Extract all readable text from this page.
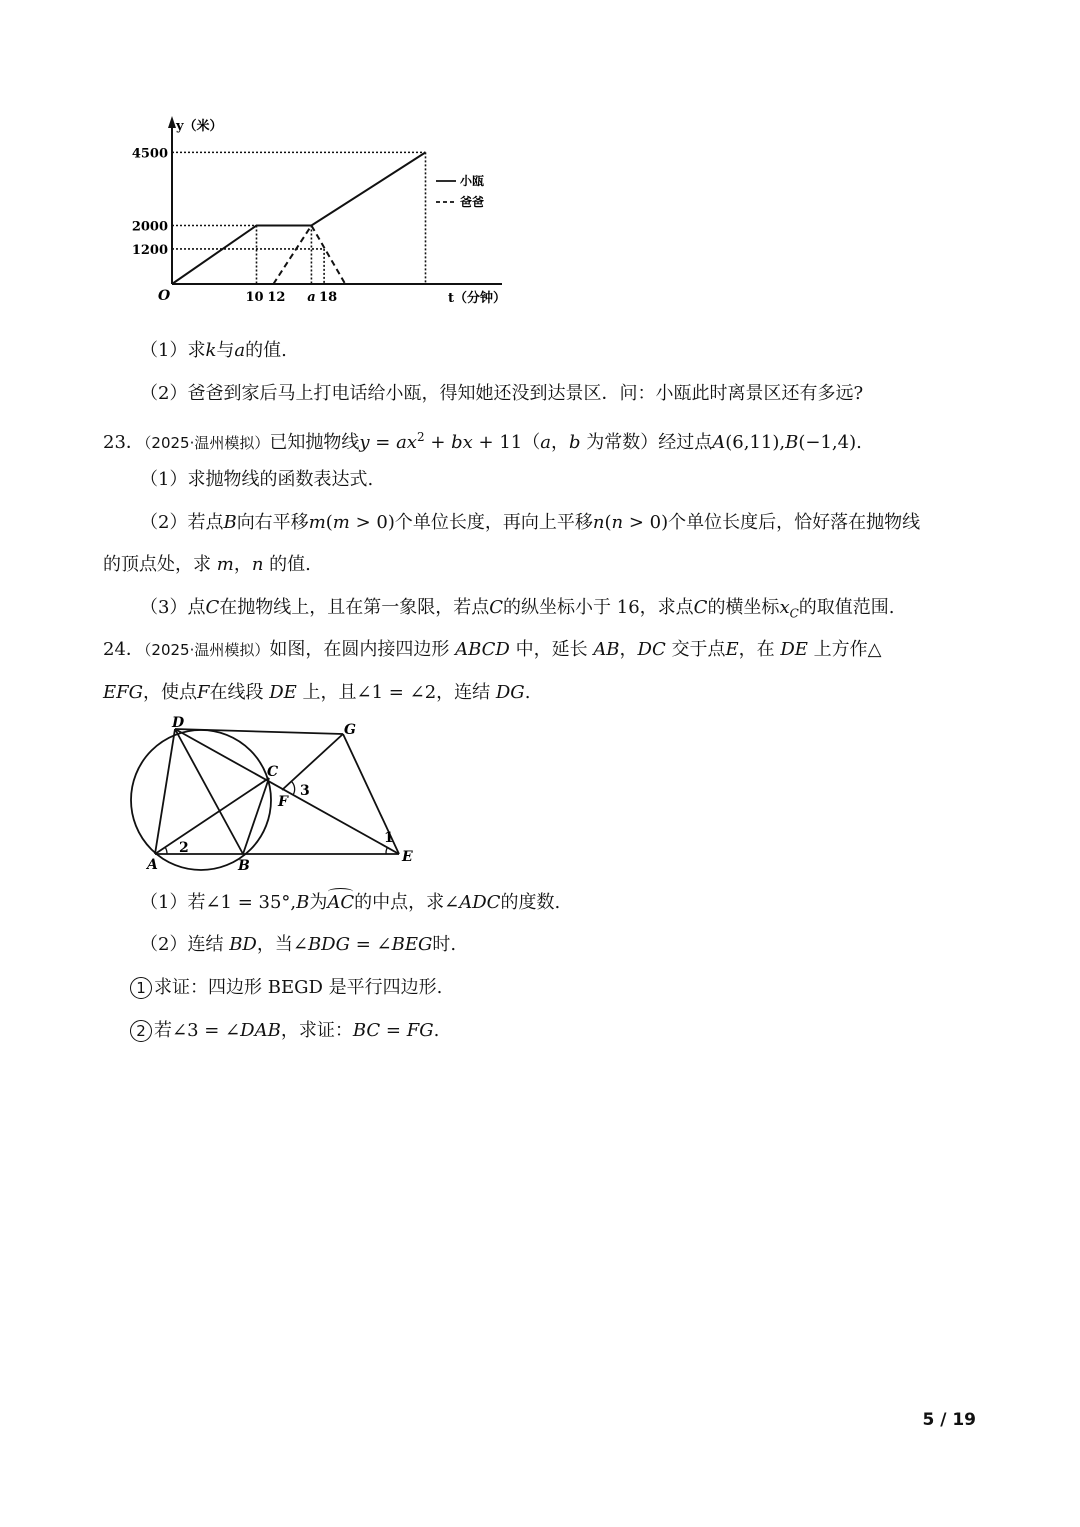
y（米）
t（分钟）
O
4500
2000
1200
10 12 a 18
小瓯
爸爸
（1）求k与a的值.
（2）爸爸到家后马上打电话给小瓯，得知她还没到达景区．问：小瓯此时离景区还有多远?
23．（2025·温州模拟）已知抛物线$y = ax^2$ + bx + 11（a，b 为常数）经过点A(6,11),B(−1,4).
（1）求抛物线的函数表达式.
（2）若点B向右平移m(m > 0)个单位长度，再向上平移n(n > 0)个单位长度后，恰好落在抛物线
的顶点处，求 m，n 的值.
（3）点C在抛物线上，且在第一象限，若点C的纵坐标小于 16，求点C的横坐标$x_C$的取值范围.
24．（2025·温州模拟）如图，在圆内接四边形 ABCD 中，延长 AB，DC 交于点E，在 DE 上方作△
EFG，使点F在线段 DE 上，且∠1 = ∠2，连结 DG.
A	B
C
D
E
F
G
1
2
3
（1）若∠1 = 35°,B为AC的中点，求∠ADC的度数.
（2）连结 BD，当∠BDG = ∠BEG时.
1 求证：四边形 BEGD 是平行四边形.
2 若∠3 = ∠DAB，求证：BC = FG.
5 / 19
